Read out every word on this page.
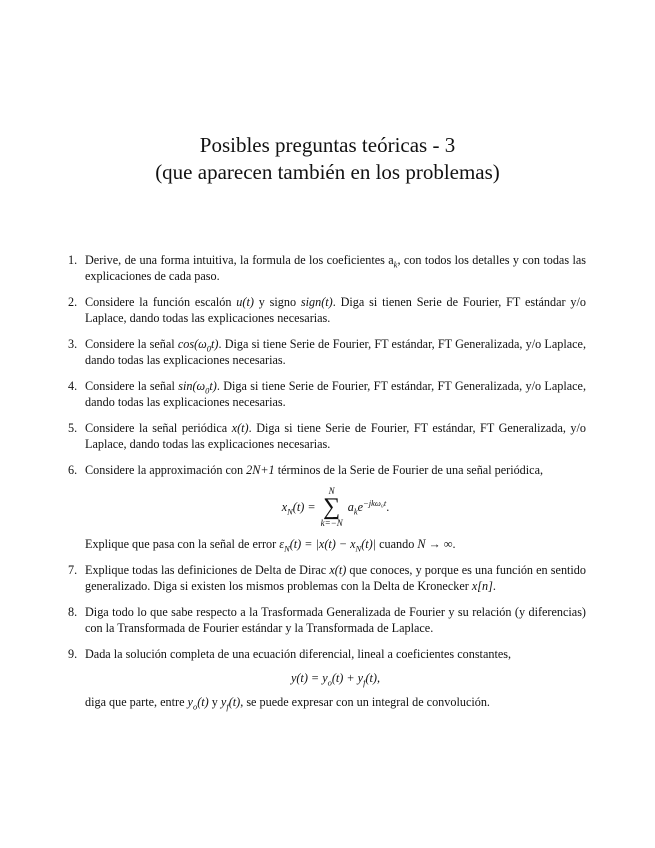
Posibles preguntas teóricas - 3
(que aparecen también en los problemas)
1. Derive, de una forma intuitiva, la formula de los coeficientes $a_k$, con todos los detalles y con todas las explicaciones de cada paso.
2. Considere la función escalón u(t) y signo sign(t). Diga si tienen Serie de Fourier, FT estándar y/o Laplace, dando todas las explicaciones necesarias.
3. Considere la señal $\cos(\omega_0t)$. Diga si tiene Serie de Fourier, FT estándar, FT Generalizada, y/o Laplace, dando todas las explicaciones necesarias.
4. Considere la señal $\sin(\omega_0t)$. Diga si tiene Serie de Fourier, FT estándar, FT Generalizada, y/o Laplace, dando todas las explicaciones necesarias.
5. Considere la señal periódica x(t). Diga si tiene Serie de Fourier, FT estándar, FT Generalizada, y/o Laplace, dando todas las explicaciones necesarias.
6. Considere la approximación con 2N+1 términos de la Serie de Fourier de una señal periódica,
$x_N(t)$ =
N
∑
k=−N
$a_ke^{-jk\omega_0t}$.
Explique que pasa con la señal de error $\varepsilon_N(t) = |x(t) - x_N(t)|$ cuando N → ∞.
7. Explique todas las definiciones de Delta de Dirac x(t) que conoces, y porque es una función en sentido generalizado. Diga si existen los mismos problemas con la Delta de Kronecker x[n].
8. Diga todo lo que sabe respecto a la Trasformada Generalizada de Fourier y su relación (y diferencias) con la Transformada de Fourier estándar y la Transformada de Laplace.
9. Dada la solución completa de una ecuación diferencial, lineal a coeficientes constantes,
$y(t) = y_o(t) + y_f(t)$,
diga que parte, entre $y_o(t)$ y $y_f(t)$, se puede expresar con un integral de convolución.
